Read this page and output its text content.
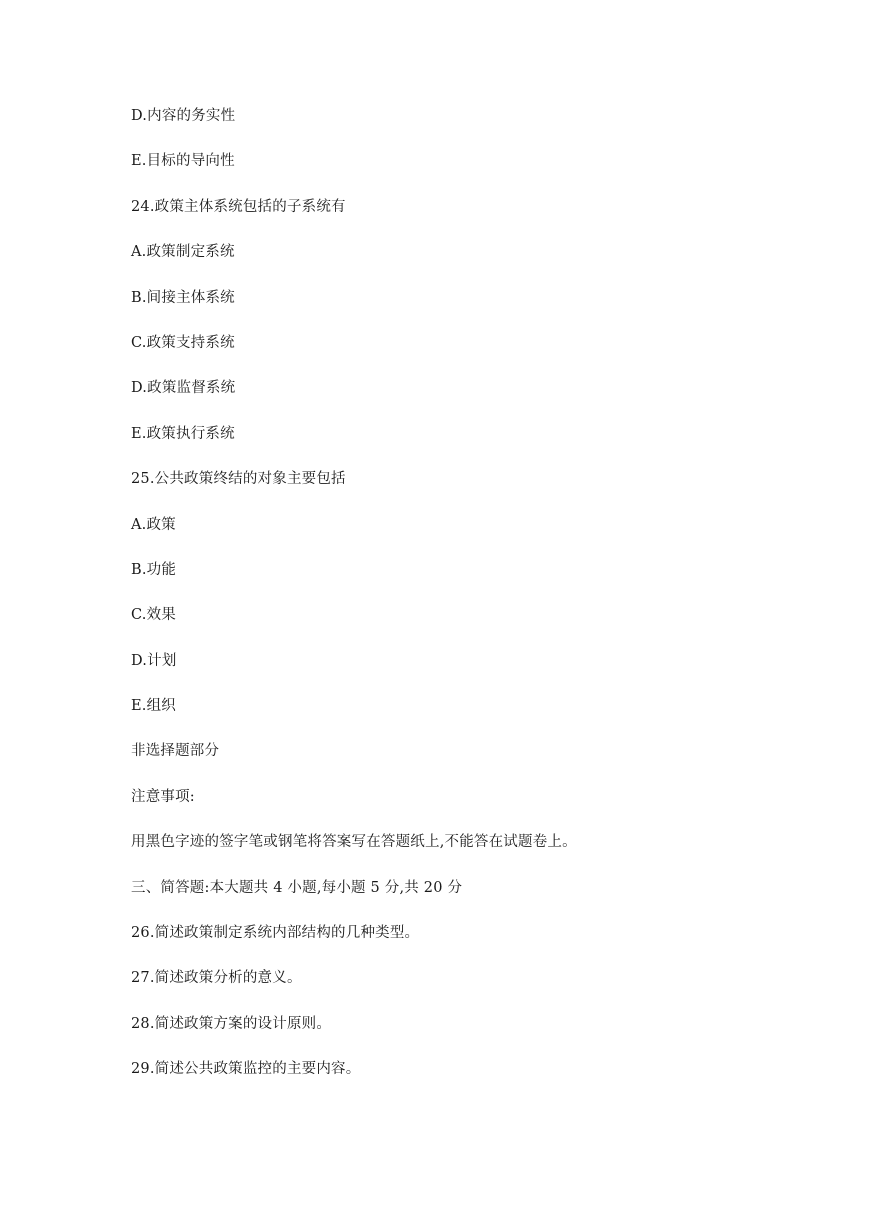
D.内容的务实性
E.目标的导向性
24.政策主体系统包括的子系统有
A.政策制定系统
B.间接主体系统
C.政策支持系统
D.政策监督系统
E.政策执行系统
25.公共政策终结的对象主要包括
A.政策
B.功能
C.效果
D.计划
E.组织
非选择题部分
注意事项:
用黑色字迹的签字笔或钢笔将答案写在答题纸上,不能答在试题卷上。
三、简答题:本大题共 4 小题,每小题 5 分,共 20 分
26.简述政策制定系统内部结构的几种类型。
27.简述政策分析的意义。
28.简述政策方案的设计原则。
29.简述公共政策监控的主要内容。
